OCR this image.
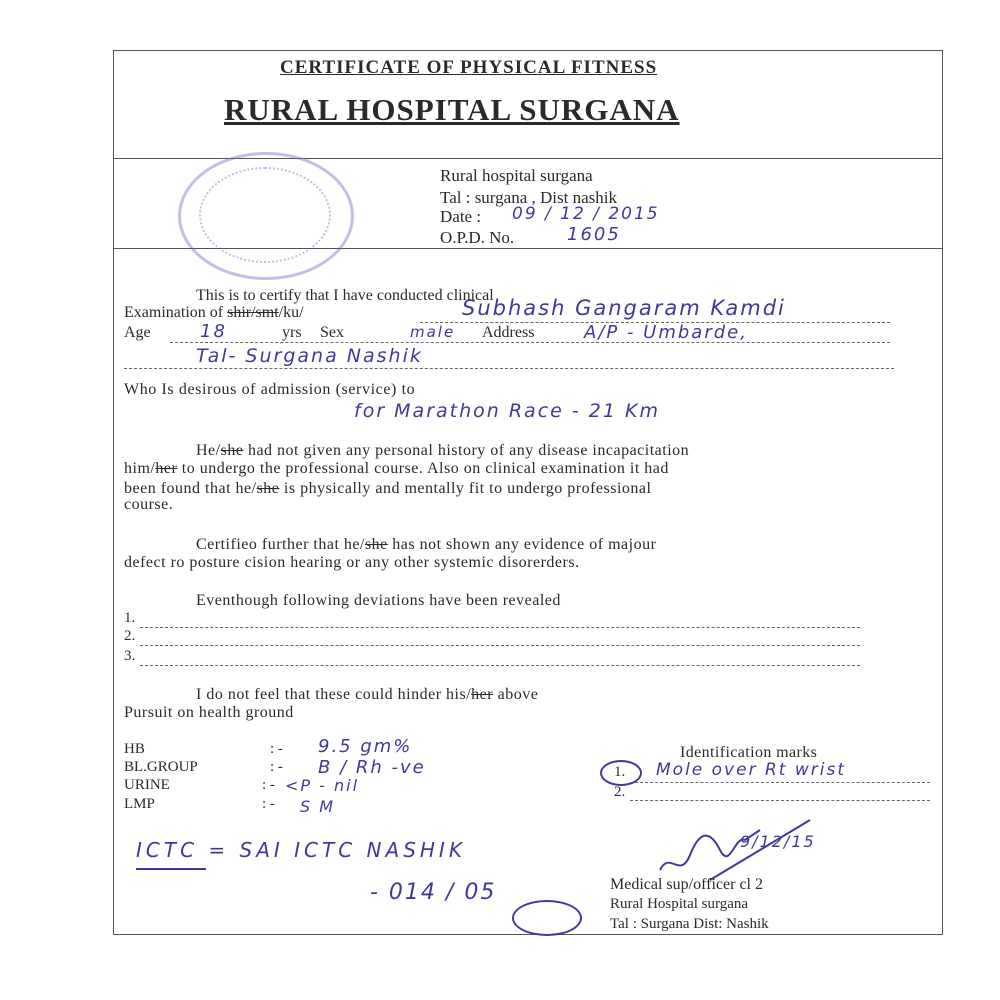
CERTIFICATE OF PHYSICAL FITNESS
RURAL HOSPITAL SURGANA
Rural hospital surgana
Tal : surgana , Dist nashik
Date : 09 / 12 / 2015
O.P.D. No.	1605
This is to certify that I have conducted clinical
Examination of shir/smt/ku/	Subhash Gangaram Kamdi
Age	18	yrs Sex	male Address	A/P - Umbarde,
Tal- Surgana Nashik
Who Is desirous of admission (service) to
for Marathon Race - 21 Km
He/she had not given any personal history of any disease incapacitation
him/her to undergo the professional course. Also on clinical examination it had
been found that he/she is physically and mentally fit to undergo professional
course.
Certifieo further that he/she has not shown any evidence of majour
defect ro posture cision hearing or any other systemic disorerders.
Eventhough following deviations have been revealed
1.
2.
3.
I do not feel that these could hinder his/her above
Pursuit on health ground
HB	: - 9.5 gm%
BL.GROUP	: - B / Rh -ve
URINE	: - <P - nil
LMP	: - S M
ICTC = SAI ICTC NASHIK
- 014 / 05
Identification marks
1. Mole over Rt wrist
2.
9/12/15
Medical sup/officer cl 2
Rural Hospital surgana
Tal : Surgana Dist: Nashik
